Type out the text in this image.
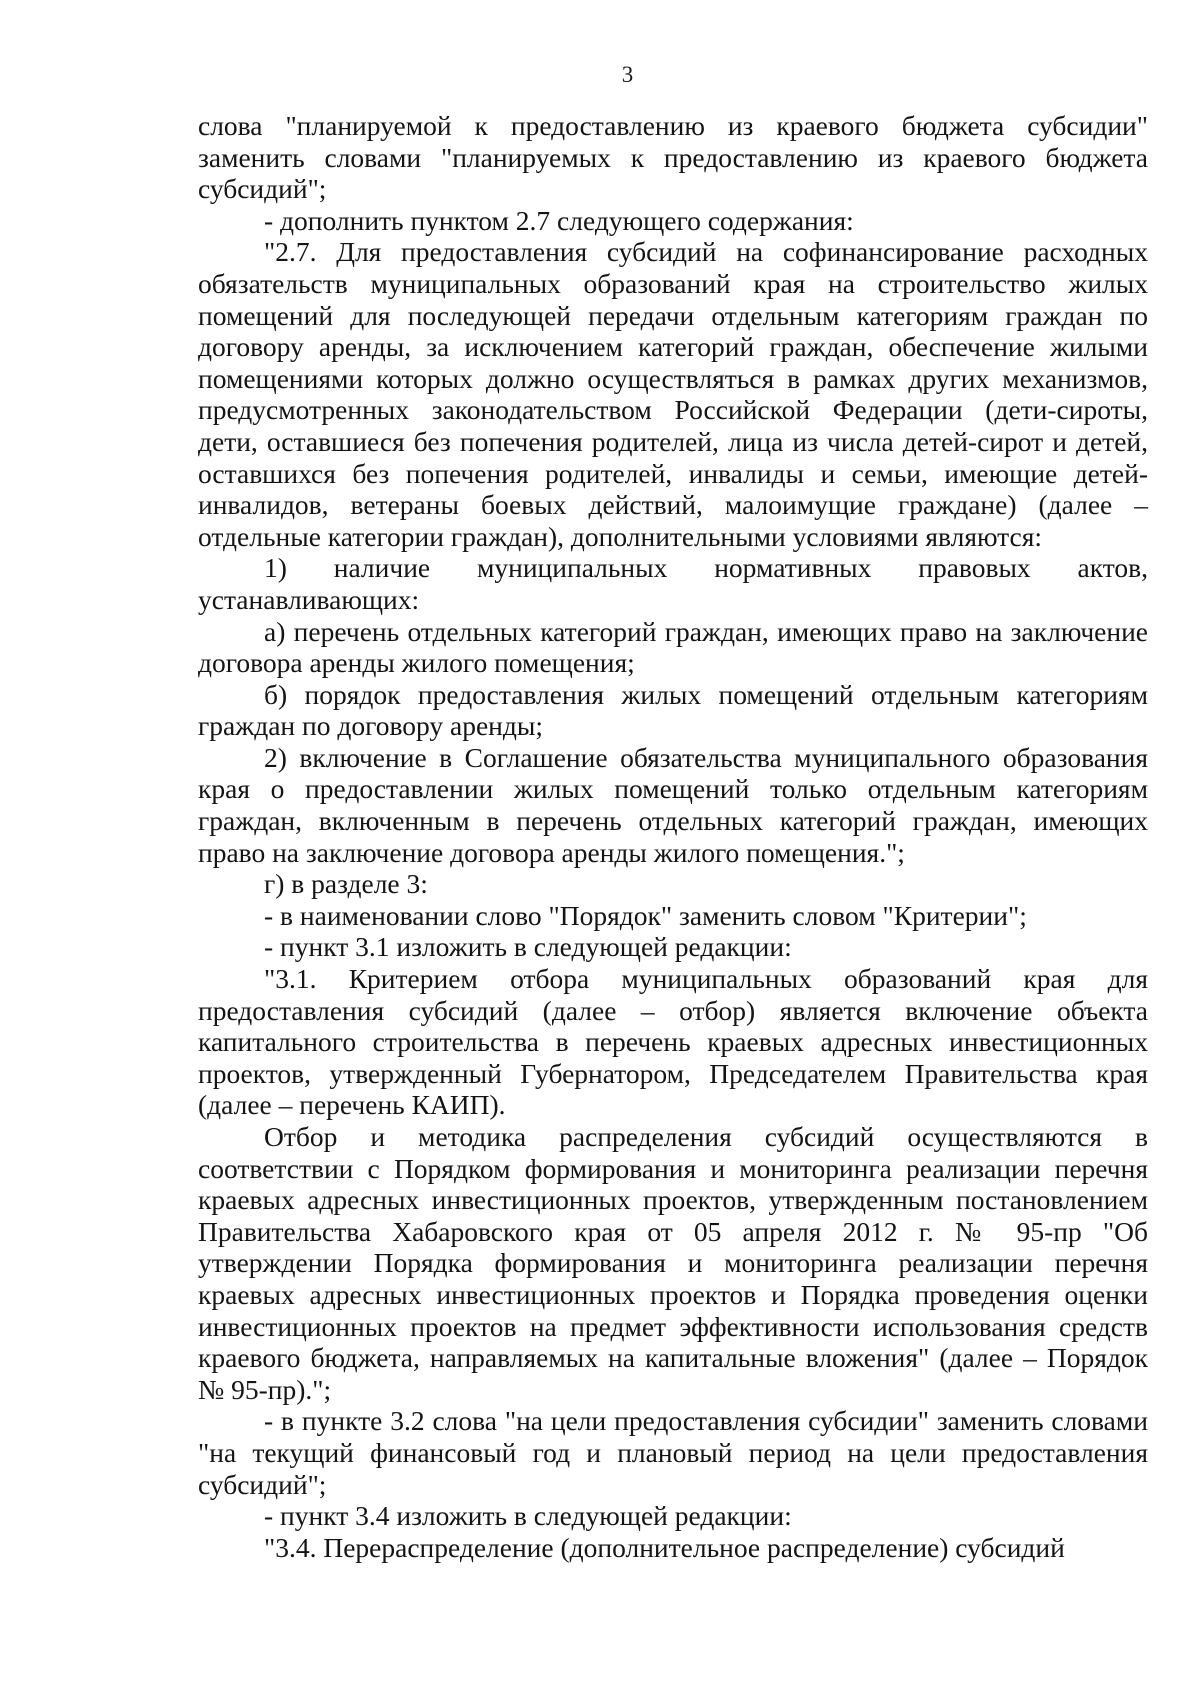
3

слова "планируемой к предоставлению из краевого бюджета субсидии" заменить словами "планируемых к предоставлению из краевого бюджета субсидий";

- дополнить пунктом 2.7 следующего содержания:

"2.7. Для предоставления субсидий на софинансирование расходных обязательств муниципальных образований края на строительство жилых помещений для последующей передачи отдельным категориям граждан по договору аренды, за исключением категорий граждан, обеспечение жилыми помещениями которых должно осуществляться в рамках других механизмов, предусмотренных законодательством Российской Федерации (дети-сироты, дети, оставшиеся без попечения родителей, лица из числа детей-сирот и детей, оставшихся без попечения родителей, инвалиды и семьи, имеющие детей-инвалидов, ветераны боевых действий, малоимущие граждане) (далее – отдельные категории граждан), дополнительными условиями являются:

1) наличие муниципальных нормативных правовых актов, устанавливающих:

а) перечень отдельных категорий граждан, имеющих право на заключение договора аренды жилого помещения;

б) порядок предоставления жилых помещений отдельным категориям граждан по договору аренды;

2) включение в Соглашение обязательства муниципального образования края о предоставлении жилых помещений только отдельным категориям граждан, включенным в перечень отдельных категорий граждан, имеющих право на заключение договора аренды жилого помещения.";

г) в разделе 3:

- в наименовании слово "Порядок" заменить словом "Критерии";

- пункт 3.1 изложить в следующей редакции:

"3.1. Критерием отбора муниципальных образований края для предоставления субсидий (далее – отбор) является включение объекта капитального строительства в перечень краевых адресных инвестиционных проектов, утвержденный Губернатором, Председателем Правительства края (далее – перечень КАИП).

Отбор и методика распределения субсидий осуществляются в соответствии с Порядком формирования и мониторинга реализации перечня краевых адресных инвестиционных проектов, утвержденным постановлением Правительства Хабаровского края от 05 апреля 2012 г. № 95-пр "Об утверждении Порядка формирования и мониторинга реализации перечня краевых адресных инвестиционных проектов и Порядка проведения оценки инвестиционных проектов на предмет эффективности использования средств краевого бюджета, направляемых на капитальные вложения" (далее – Порядок № 95-пр).";

- в пункте 3.2 слова "на цели предоставления субсидии" заменить словами "на текущий финансовый год и плановый период на цели предоставления субсидий";

- пункт 3.4 изложить в следующей редакции:

"3.4. Перераспределение (дополнительное распределение) субсидий
